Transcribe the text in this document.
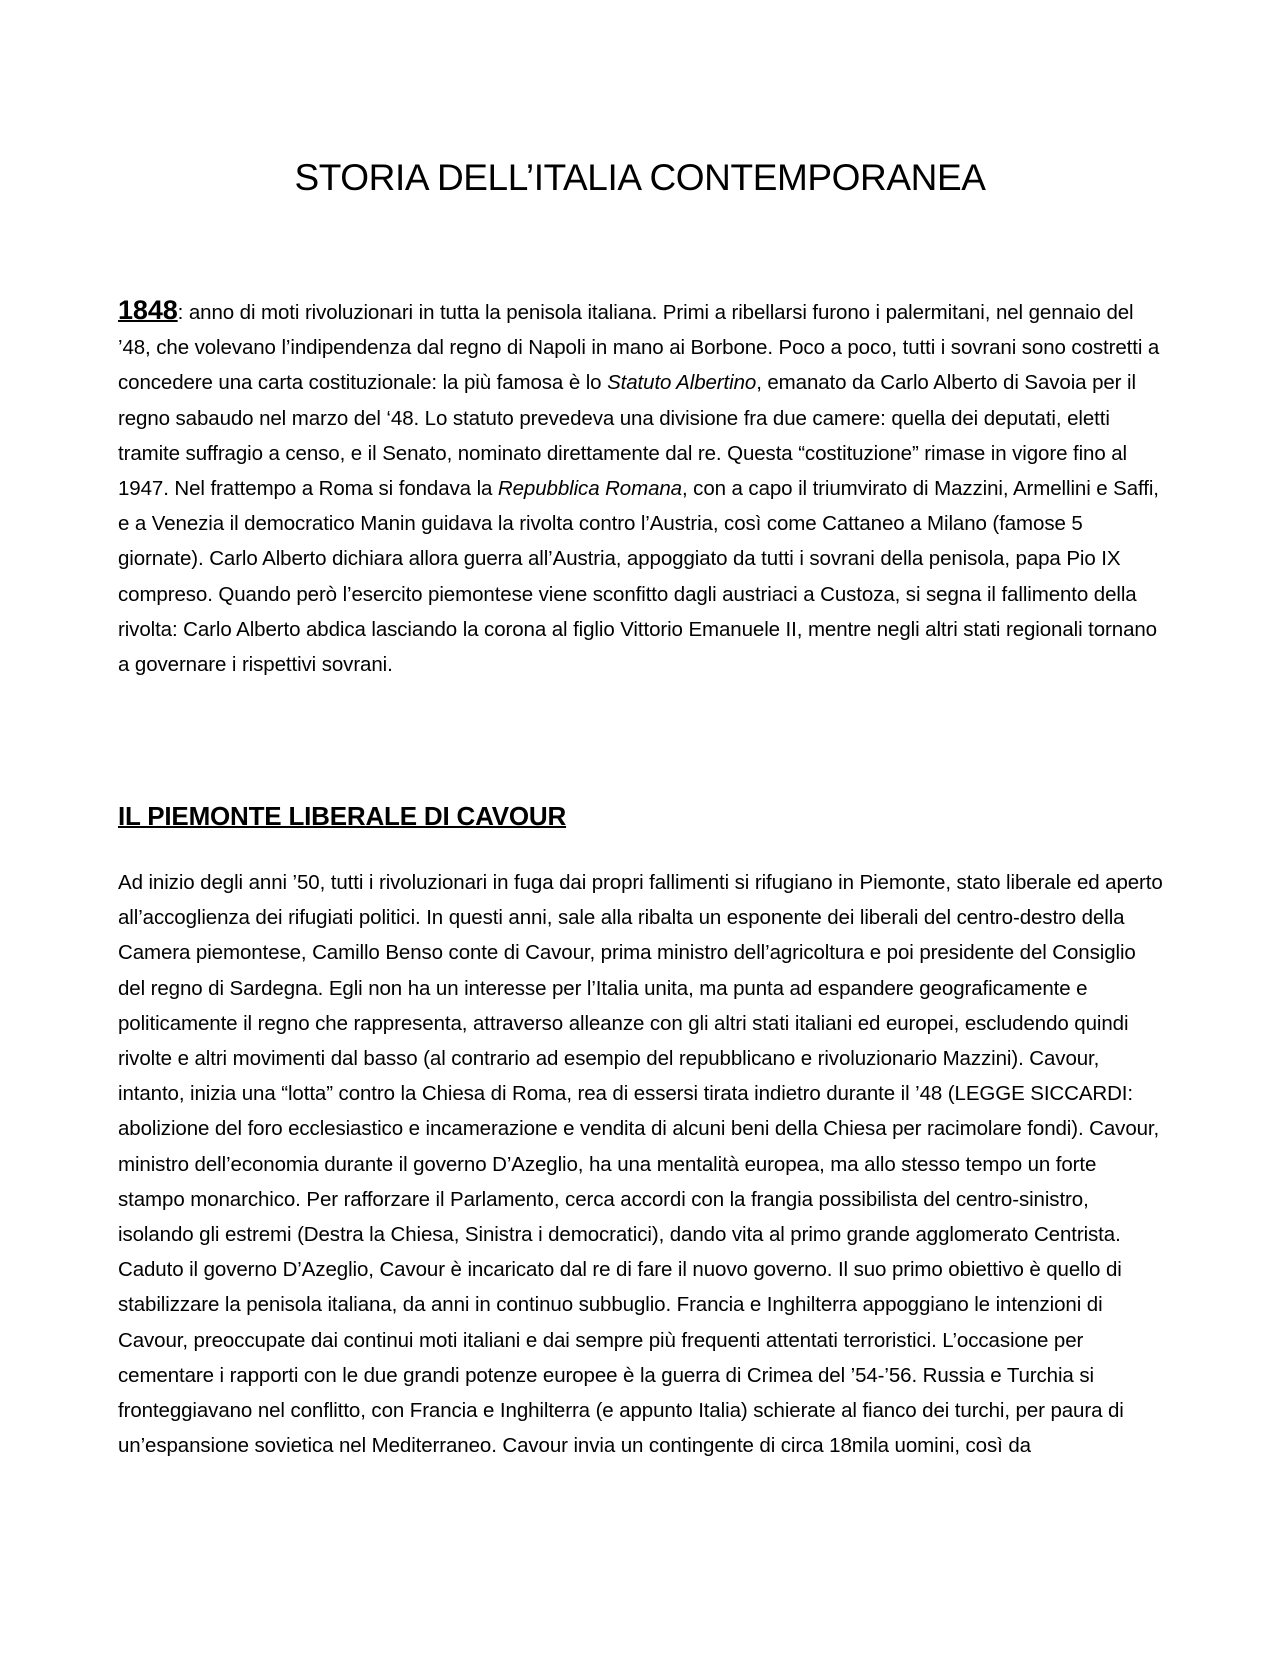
STORIA DELL’ITALIA CONTEMPORANEA

1848: anno di moti rivoluzionari in tutta la penisola italiana. Primi a ribellarsi furono i palermitani, nel gennaio del ’48, che volevano l’indipendenza dal regno di Napoli in mano ai Borbone. Poco a poco, tutti i sovrani sono costretti a concedere una carta costituzionale: la più famosa è lo Statuto Albertino, emanato da Carlo Alberto di Savoia per il regno sabaudo nel marzo del ‘48. Lo statuto prevedeva una divisione fra due camere: quella dei deputati, eletti tramite suffragio a censo, e il Senato, nominato direttamente dal re. Questa “costituzione” rimase in vigore fino al 1947. Nel frattempo a Roma si fondava la Repubblica Romana, con a capo il triumvirato di Mazzini, Armellini e Saffi, e a Venezia il democratico Manin guidava la rivolta contro l’Austria, così come Cattaneo a Milano (famose 5 giornate). Carlo Alberto dichiara allora guerra all’Austria, appoggiato da tutti i sovrani della penisola, papa Pio IX compreso. Quando però l’esercito piemontese viene sconfitto dagli austriaci a Custoza, si segna il fallimento della rivolta: Carlo Alberto abdica lasciando la corona al figlio Vittorio Emanuele II, mentre negli altri stati regionali tornano a governare i rispettivi sovrani.

IL PIEMONTE LIBERALE DI CAVOUR

Ad inizio degli anni ’50, tutti i rivoluzionari in fuga dai propri fallimenti si rifugiano in Piemonte, stato liberale ed aperto all’accoglienza dei rifugiati politici. In questi anni, sale alla ribalta un esponente dei liberali del centro-destro della Camera piemontese, Camillo Benso conte di Cavour, prima ministro dell’agricoltura e poi presidente del Consiglio del regno di Sardegna. Egli non ha un interesse per l’Italia unita, ma punta ad espandere geograficamente e politicamente il regno che rappresenta, attraverso alleanze con gli altri stati italiani ed europei, escludendo quindi rivolte e altri movimenti dal basso (al contrario ad esempio del repubblicano e rivoluzionario Mazzini). Cavour, intanto, inizia una “lotta” contro la Chiesa di Roma, rea di essersi tirata indietro durante il ’48 (LEGGE SICCARDI: abolizione del foro ecclesiastico e incamerazione e vendita di alcuni beni della Chiesa per racimolare fondi). Cavour, ministro dell’economia durante il governo D’Azeglio, ha una mentalità europea, ma allo stesso tempo un forte stampo monarchico. Per rafforzare il Parlamento, cerca accordi con la frangia possibilista del centro-sinistro, isolando gli estremi (Destra la Chiesa, Sinistra i democratici), dando vita al primo grande agglomerato Centrista. Caduto il governo D’Azeglio, Cavour è incaricato dal re di fare il nuovo governo. Il suo primo obiettivo è quello di stabilizzare la penisola italiana, da anni in continuo subbuglio. Francia e Inghilterra appoggiano le intenzioni di Cavour, preoccupate dai continui moti italiani e dai sempre più frequenti attentati terroristici. L’occasione per cementare i rapporti con le due grandi potenze europee è la guerra di Crimea del ’54-’56. Russia e Turchia si fronteggiavano nel conflitto, con Francia e Inghilterra (e appunto Italia) schierate al fianco dei turchi, per paura di un’espansione sovietica nel Mediterraneo. Cavour invia un contingente di circa 18mila uomini, così da
